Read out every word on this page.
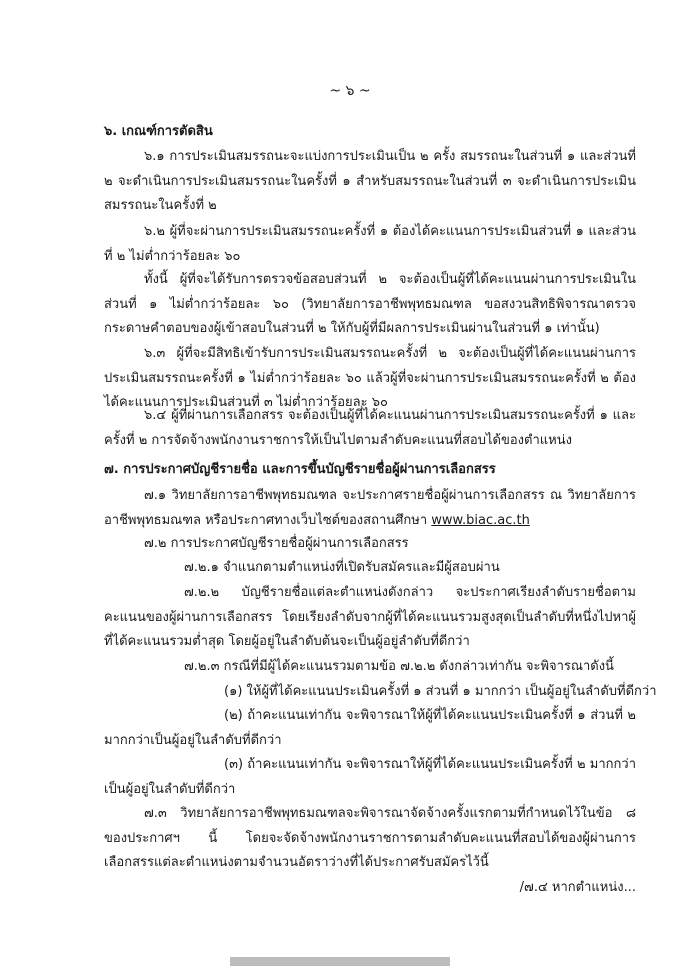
~ ๖ ~

๖. เกณฑ์การตัดสิน

๖.๑ การประเมินสมรรถนะจะแบ่งการประเมินเป็น ๒ ครั้ง สมรรถนะในส่วนที่ ๑ และส่วนที่ ๒ จะดำเนินการประเมินสมรรถนะในครั้งที่ ๑ สำหรับสมรรถนะในส่วนที่ ๓ จะดำเนินการประเมินสมรรถนะในครั้งที่ ๒

๖.๒ ผู้ที่จะผ่านการประเมินสมรรถนะครั้งที่ ๑ ต้องได้คะแนนการประเมินส่วนที่ ๑ และส่วนที่ ๒ ไม่ต่ำกว่าร้อยละ ๖๐

ทั้งนี้ ผู้ที่จะได้รับการตรวจข้อสอบส่วนที่ ๒ จะต้องเป็นผู้ที่ได้คะแนนผ่านการประเมินในส่วนที่ ๑ ไม่ต่ำกว่าร้อยละ ๖๐ (วิทยาลัยการอาชีพพุทธมณฑล ขอสงวนสิทธิพิจารณาตรวจกระดาษคำตอบของผู้เข้าสอบในส่วนที่ ๒ ให้กับผู้ที่มีผลการประเมินผ่านในส่วนที่ ๑ เท่านั้น)

๖.๓ ผู้ที่จะมีสิทธิเข้ารับการประเมินสมรรถนะครั้งที่ ๒ จะต้องเป็นผู้ที่ได้คะแนนผ่านการประเมินสมรรถนะครั้งที่ ๑ ไม่ต่ำกว่าร้อยละ ๖๐ แล้วผู้ที่จะผ่านการประเมินสมรรถนะครั้งที่ ๒ ต้องได้คะแนนการประเมินส่วนที่ ๓ ไม่ต่ำกว่าร้อยละ ๖๐

๖.๔ ผู้ที่ผ่านการเลือกสรร จะต้องเป็นผู้ที่ได้คะแนนผ่านการประเมินสมรรถนะครั้งที่ ๑ และครั้งที่ ๒ การจัดจ้างพนักงานราชการให้เป็นไปตามลำดับคะแนนที่สอบได้ของตำแหน่ง

๗. การประกาศบัญชีรายชื่อ และการขึ้นบัญชีรายชื่อผู้ผ่านการเลือกสรร

๗.๑ วิทยาลัยการอาชีพพุทธมณฑล จะประกาศรายชื่อผู้ผ่านการเลือกสรร ณ วิทยาลัยการอาชีพพุทธมณฑล หรือประกาศทางเว็บไซต์ของสถานศึกษา www.biac.ac.th

๗.๒ การประกาศบัญชีรายชื่อผู้ผ่านการเลือกสรร

๗.๒.๑ จำแนกตามตำแหน่งที่เปิดรับสมัครและมีผู้สอบผ่าน

๗.๒.๒ บัญชีรายชื่อแต่ละตำแหน่งดังกล่าว จะประกาศเรียงลำดับรายชื่อตามคะแนนของผู้ผ่านการเลือกสรร โดยเรียงลำดับจากผู้ที่ได้คะแนนรวมสูงสุดเป็นลำดับที่หนึ่งไปหาผู้ที่ได้คะแนนรวมต่ำสุด โดยผู้อยู่ในลำดับต้นจะเป็นผู้อยู่ลำดับที่ดีกว่า

๗.๒.๓ กรณีที่มีผู้ได้คะแนนรวมตามข้อ ๗.๒.๒ ดังกล่าวเท่ากัน จะพิจารณาดังนี้

(๑) ให้ผู้ที่ได้คะแนนประเมินครั้งที่ ๑ ส่วนที่ ๑ มากกว่า เป็นผู้อยู่ในลำดับที่ดีกว่า

(๒) ถ้าคะแนนเท่ากัน จะพิจารณาให้ผู้ที่ได้คะแนนประเมินครั้งที่ ๑ ส่วนที่ ๒ มากกว่าเป็นผู้อยู่ในลำดับที่ดีกว่า

(๓) ถ้าคะแนนเท่ากัน จะพิจารณาให้ผู้ที่ได้คะแนนประเมินครั้งที่ ๒ มากกว่า เป็นผู้อยู่ในลำดับที่ดีกว่า

๗.๓ วิทยาลัยการอาชีพพุทธมณฑลจะพิจารณาจัดจ้างครั้งแรกตามที่กำหนดไว้ในข้อ ๘ ของประกาศฯ นี้ โดยจะจัดจ้างพนักงานราชการตามลำดับคะแนนที่สอบได้ของผู้ผ่านการเลือกสรรแต่ละตำแหน่งตามจำนวนอัตราว่างที่ได้ประกาศรับสมัครไว้นี้

/๗.๔ หากตำแหน่ง...
